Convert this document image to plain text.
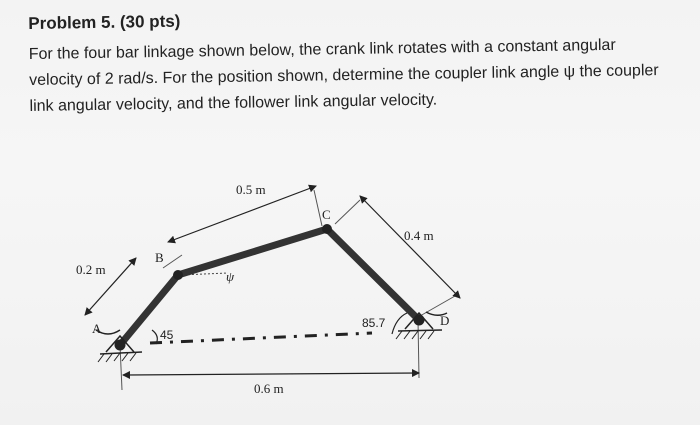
Problem 5. (30 pts)
For the four bar linkage shown below, the crank link rotates with a constant angular
velocity of 2 rad/s. For the position shown, determine the coupler link angle ψ the coupler
link angular velocity, and the follower link angular velocity.
0.5 m
0.4 m
0.2 m
0.6 m
A
B
C
D
45
85.7
ψ
